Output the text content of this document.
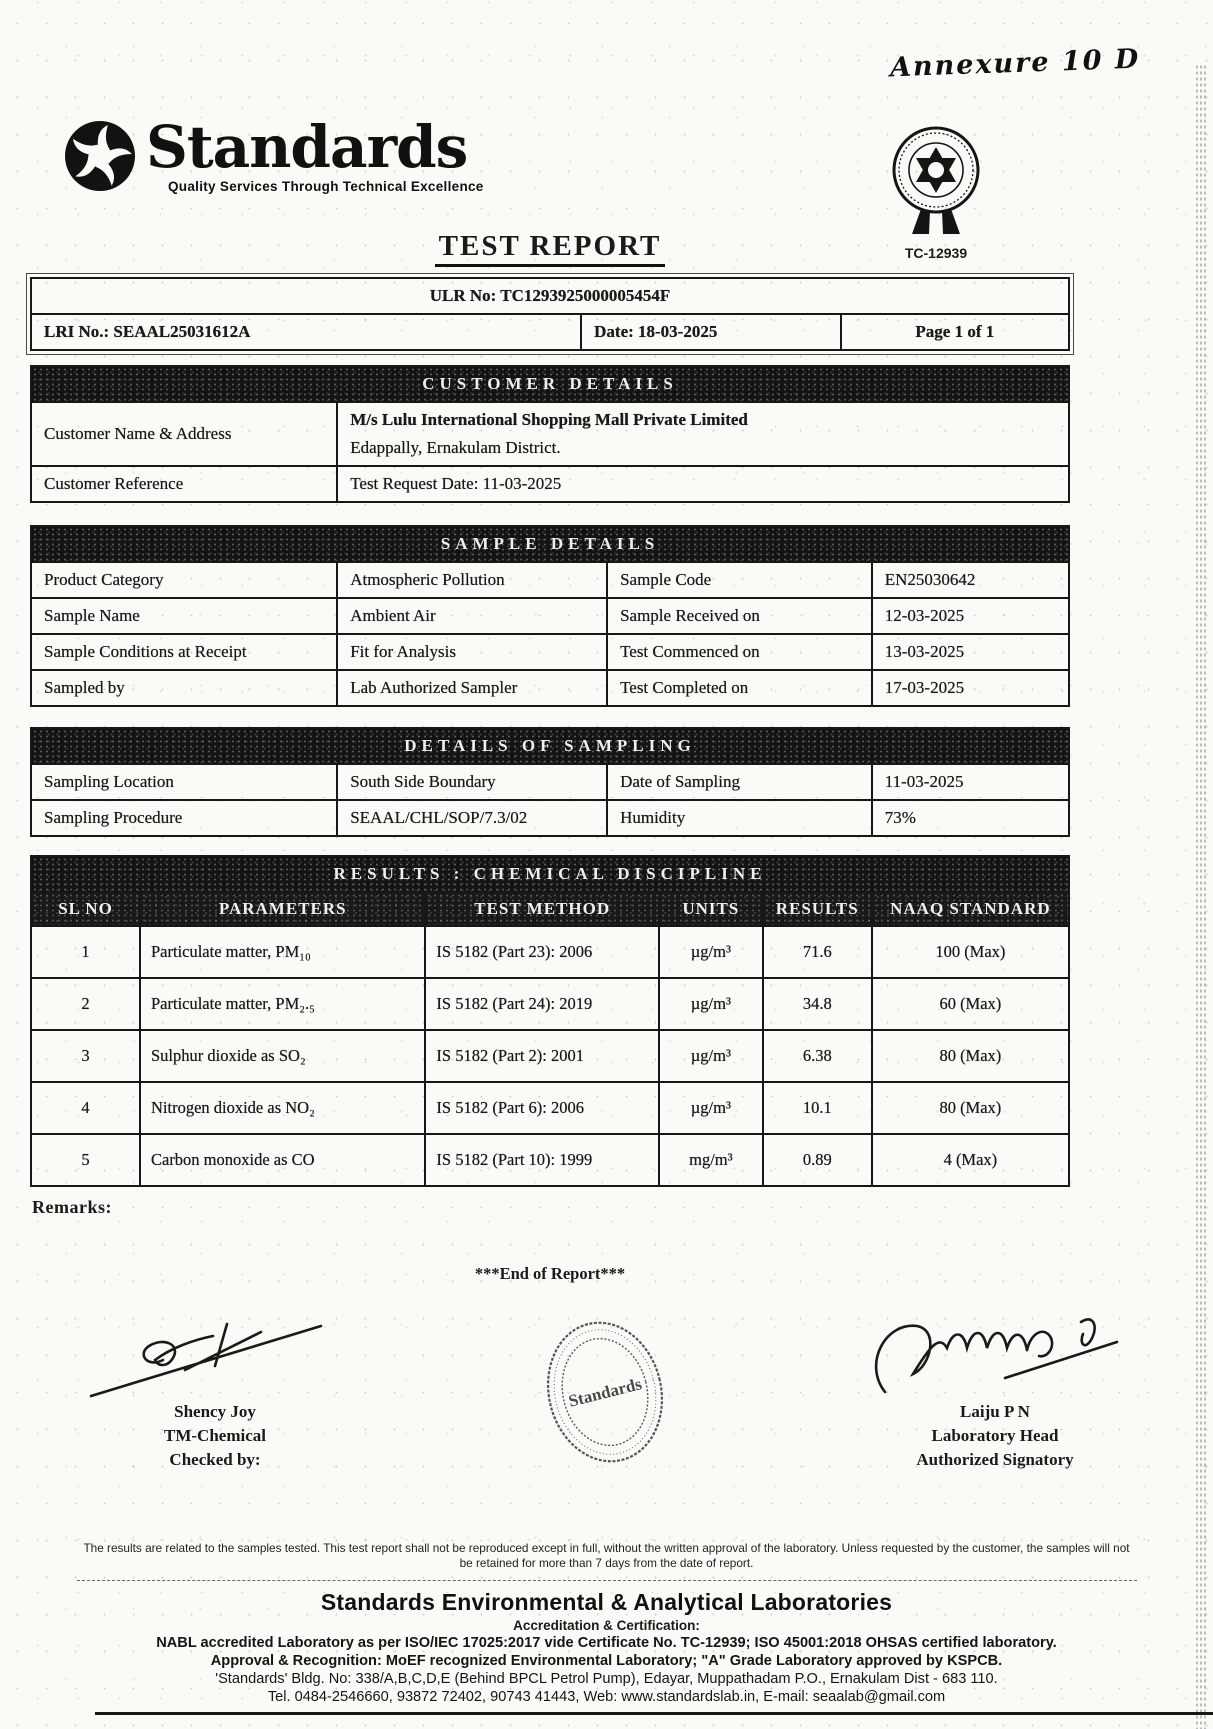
Annexure 10 D
Standards
Quality Services Through Technical Excellence
TC-12939
TEST REPORT
ULR No: TC1293925000005454F
LRI No.: SEAAL25031612A	Date: 18-03-2025	Page 1 of 1
CUSTOMER DETAILS	
Customer Name & Address	M/s Lulu International Shopping Mall Private Limited
Edappally, Ernakulam District.

Customer Reference	Test Request Date: 11-03-2025
SAMPLE DETAILS			
Product Category	Atmospheric Pollution	Sample Code	EN25030642
Sample Name	Ambient Air	Sample Received on	12-03-2025
Sample Conditions at Receipt	Fit for Analysis	Test Commenced on	13-03-2025
Sampled by	Lab Authorized Sampler	Test Completed on	17-03-2025
DETAILS OF SAMPLING			
Sampling Location	South Side Boundary	Date of Sampling	11-03-2025
Sampling Procedure	SEAAL/CHL/SOP/7.3/02	Humidity	73%
RESULTS : CHEMICAL DISCIPLINE					
SL NO	PARAMETERS	TEST METHOD	UNITS	RESULTS	NAAQ STANDARD
1	Particulate matter, PM₁₀	IS 5182 (Part 23): 2006	µg/m³	71.6	100 (Max)
2	Particulate matter, PM₂.₅	IS 5182 (Part 24): 2019	µg/m³	34.8	60 (Max)
3	Sulphur dioxide as SO₂	IS 5182 (Part 2): 2001	µg/m³	6.38	80 (Max)
4	Nitrogen dioxide as NO₂	IS 5182 (Part 6): 2006	µg/m³	10.1	80 (Max)
5	Carbon monoxide as CO	IS 5182 (Part 10): 1999	mg/m³	0.89	4 (Max)
Remarks:
***End of Report***
Shency Joy
TM-Chemical
Checked by:
Standards
Laiju P N
Laboratory Head
Authorized Signatory
The results are related to the samples tested. This test report shall not be reproduced except in full, without the written approval of the laboratory. Unless requested by the customer, the samples will not be retained for more than 7 days from the date of report.
Standards Environmental & Analytical Laboratories
Accreditation & Certification:
NABL accredited Laboratory as per ISO/IEC 17025:2017 vide Certificate No. TC-12939; ISO 45001:2018 OHSAS certified laboratory.
Approval & Recognition: MoEF recognized Environmental Laboratory; "A" Grade Laboratory approved by KSPCB.
'Standards' Bldg. No: 338/A,B,C,D,E (Behind BPCL Petrol Pump), Edayar, Muppathadam P.O., Ernakulam Dist - 683 110.
Tel. 0484-2546660, 93872 72402, 90743 41443, Web: www.standardslab.in, E-mail: seaalab@gmail.com
